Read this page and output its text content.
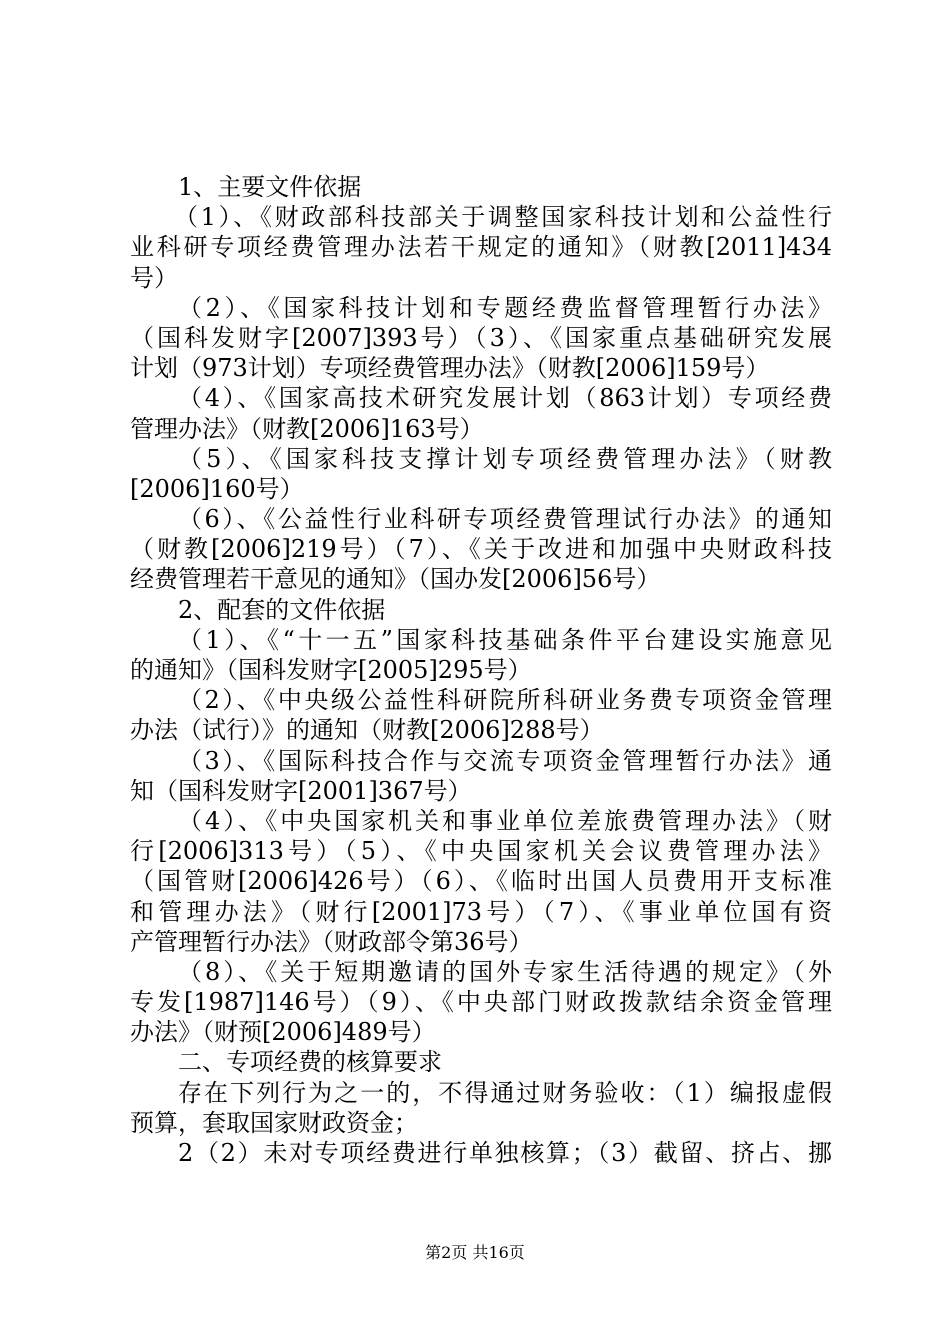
1、主要文件依据
（1）、《财政部科技部关于调整国家科技计划和公益性行
业科研专项经费管理办法若干规定的通知》（财教[2011]434
号）
（2）、《国家科技计划和专题经费监督管理暂行办法》
（国科发财字[2007]393号）（3）、《国家重点基础研究发展
计划（973计划）专项经费管理办法》（财教[2006]159号）
（4）、《国家高技术研究发展计划（863计划）专项经费
管理办法》（财教[2006]163号）
（5）、《国家科技支撑计划专项经费管理办法》（财教
[2006]160号）
（6）、《公益性行业科研专项经费管理试行办法》的通知
（财教[2006]219号）（7）、《关于改进和加强中央财政科技
经费管理若干意见的通知》（国办发[2006]56号）
2、配套的文件依据
（1）、《“十一五”国家科技基础条件平台建设实施意见
的通知》（国科发财字[2005]295号）
（2）、《中央级公益性科研院所科研业务费专项资金管理
办法（试行）》的通知（财教[2006]288号）
（3）、《国际科技合作与交流专项资金管理暂行办法》通
知（国科发财字[2001]367号）
（4）、《中央国家机关和事业单位差旅费管理办法》（财
行[2006]313号）（5）、《中央国家机关会议费管理办法》
（国管财[2006]426号）（6）、《临时出国人员费用开支标准
和管理办法》（财行[2001]73号）（7）、《事业单位国有资
产管理暂行办法》（财政部令第36号）
（8）、《关于短期邀请的国外专家生活待遇的规定》（外
专发[1987]146号）（9）、《中央部门财政拨款结余资金管理
办法》（财预[2006]489号）
二、专项经费的核算要求
存在下列行为之一的，不得通过财务验收：（1）编报虚假
预算，套取国家财政资金；
2（2）未对专项经费进行单独核算；（3）截留、挤占、挪
第2页 共16页
